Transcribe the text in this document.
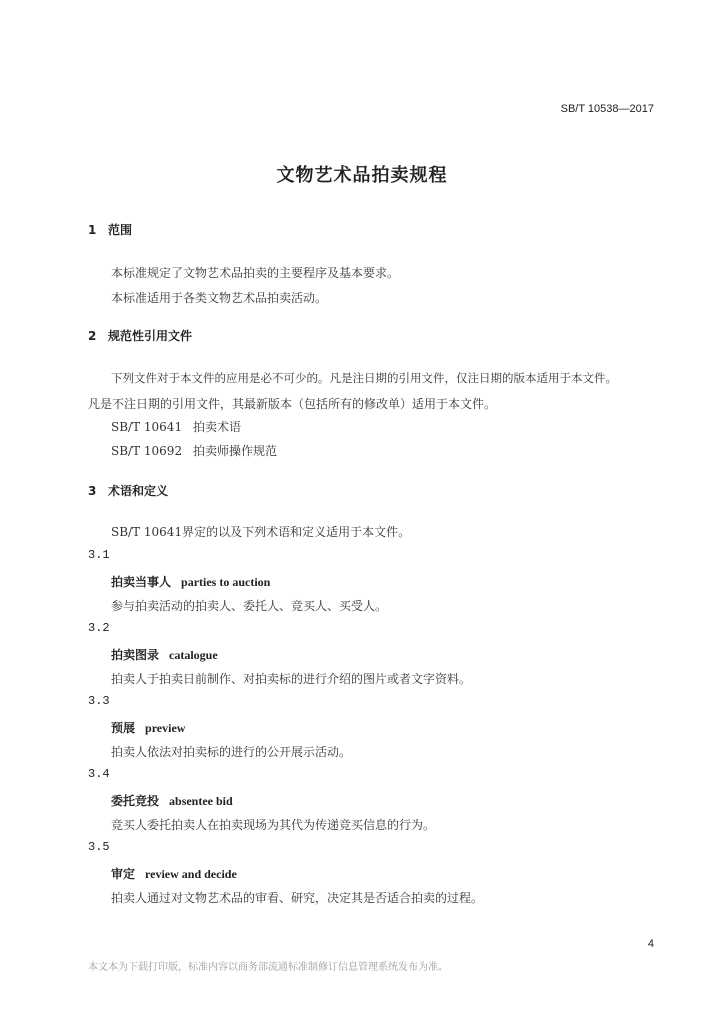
SB/T 10538—2017
文物艺术品拍卖规程
1 范围
本标准规定了文物艺术品拍卖的主要程序及基本要求。
本标准适用于各类文物艺术品拍卖活动。
2 规范性引用文件
下列文件对于本文件的应用是必不可少的。凡是注日期的引用文件，仅注日期的版本适用于本文件。
凡是不注日期的引用文件，其最新版本（包括所有的修改单）适用于本文件。
SB/T 10641 拍卖术语
SB/T 10692 拍卖师操作规范
3 术语和定义
SB/T 10641界定的以及下列术语和定义适用于本文件。
3.1
拍卖当事人 parties to auction
参与拍卖活动的拍卖人、委托人、竞买人、买受人。
3.2
拍卖图录 catalogue
拍卖人于拍卖日前制作、对拍卖标的进行介绍的图片或者文字资料。
3.3
预展 preview
拍卖人依法对拍卖标的进行的公开展示活动。
3.4
委托竞投 absentee bid
竞买人委托拍卖人在拍卖现场为其代为传递竞买信息的行为。
3.5
审定 review and decide
拍卖人通过对文物艺术品的审看、研究，决定其是否适合拍卖的过程。
4
本文本为下载打印版，标准内容以商务部流通标准制修订信息管理系统发布为准。
